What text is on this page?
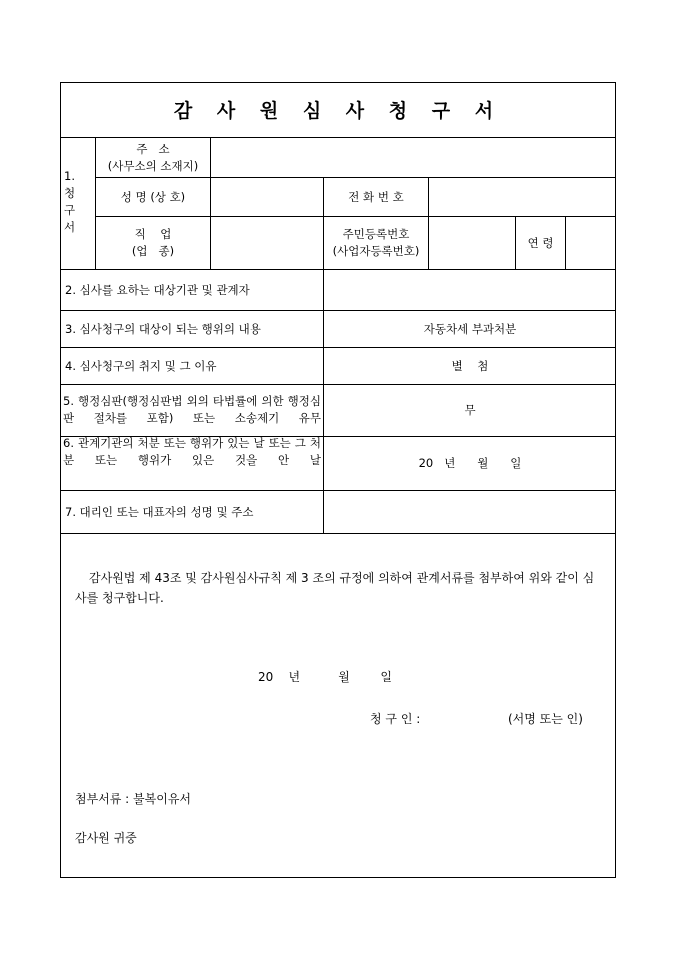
감 사 원 심 사 청 구 서
1.
청
구
서
주   소
(사무소의 소재지)
성 명 (상 호)	전 화 번 호
직    업
(업   종)
주민등록번호
(사업자등록번호)
연 령
2. 심사를 요하는 대상기관 및 관계자
3. 심사청구의 대상이 되는 행위의 내용
4. 심사청구의 취지 및 그 이유
5. 행정심판(행정심판법 외의 타법률에 의한 행정심판 절차를 포함) 또는 소송제기 유무
6. 관계기관의 처분 또는 행위가 있는 날 또는 그 처분 또는 행위가 있은 것을 안 날
7. 대리인 또는 대표자의 성명 및 주소
자동차세 부과처분
별    첨
무
20   년      월      일
감사원법 제 43조 및 감사원심사규칙 제 3 조의 규정에 의하여 관계서류를 첨부하여 위와 같이 심사를 청구합니다.
20    년          월        일
청 구 인 :	(서명 또는 인)
첨부서류 : 불복이유서
감사원 귀중
